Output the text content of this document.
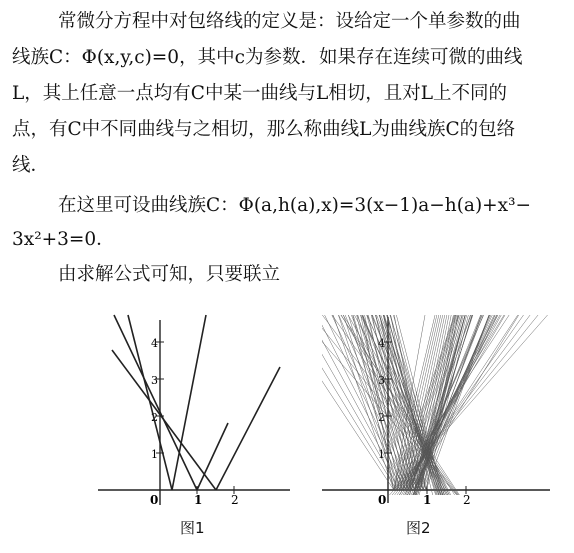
常微分方程中对包络线的定义是：设给定一个单参数的曲

线族C：Φ(x,y,c)=0，其中c为参数．如果存在连续可微的曲线

L，其上任意一点均有C中某一曲线与L相切，且对L上不同的

点，有C中不同曲线与之相切，那么称曲线L为曲线族C的包络

线．

在这里可设曲线族C：Φ(a,h(a),x)=3(x−1)a−h(a)+x³−

3x²+3=0．

由求解公式可知，只要联立

1
2
3
4
0	1 2
图1
1
2
3
4
0	1	2
图2
